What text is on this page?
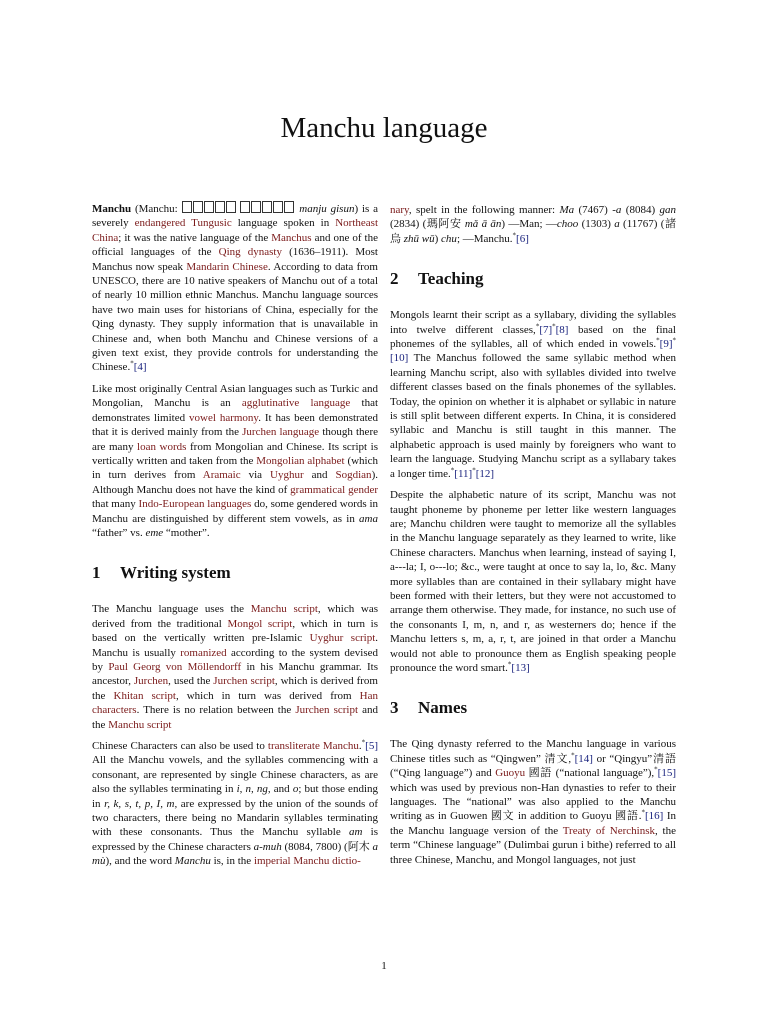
Manchu language

Manchu (Manchu:	manju gisun) is a severely endangered Tungusic language spoken in Northeast China; it was the native language of the Manchus and one of the official languages of the Qing dynasty (1636–1911). Most Manchus now speak Mandarin Chinese. According to data from UNESCO, there are 10 native speakers of Manchu out of a total of nearly 10 million ethnic Manchus. Manchu language sources have two main uses for historians of China, especially for the Qing dynasty. They supply information that is unavailable in Chinese and, when both Manchu and Chinese versions of a given text exist, they provide controls for understanding the Chinese.*[4]

Like most originally Central Asian languages such as Turkic and Mongolian, Manchu is an agglutinative language that demonstrates limited vowel harmony. It has been demonstrated that it is derived mainly from the Jurchen language though there are many loan words from Mongolian and Chinese. Its script is vertically written and taken from the Mongolian alphabet (which in turn derives from Aramaic via Uyghur and Sogdian). Although Manchu does not have the kind of grammatical gender that many Indo-European languages do, some gendered words in Manchu are distinguished by different stem vowels, as in ama “father” vs. eme “mother”.

1 Writing system

The Manchu language uses the Manchu script, which was derived from the traditional Mongol script, which in turn is based on the vertically written pre-Islamic Uyghur script. Manchu is usually romanized according to the system devised by Paul Georg von Möllendorff in his Manchu grammar. Its ancestor, Jurchen, used the Jurchen script, which is derived from the Khitan script, which in turn was derived from Han characters. There is no relation between the Jurchen script and the Manchu script

Chinese Characters can also be used to transliterate Manchu.*[5] All the Manchu vowels, and the syllables commencing with a consonant, are represented by single Chinese characters, as are also the syllables terminating in i, n, ng, and o; but those ending in r, k, s, t, p, I, m, are expressed by the union of the sounds of two characters, there being no Mandarin syllables terminating with these consonants. Thus the Manchu syllable am is expressed by the Chinese characters a-muh (8084, 7800) (阿木 a mù), and the word Manchu is, in the imperial Manchu dictio-

nary, spelt in the following manner: Ma (7467) -a (8084) gan (2834) (瑪阿安 mǎ ā ān) —Man; —choo (1303) a (11767) (諸烏 zhū wū) chu; —Manchu.*[6]

2 Teaching

Mongols learnt their script as a syllabary, dividing the syllables into twelve different classes,*[7]*[8] based on the final phonemes of the syllables, all of which ended in vowels.*[9]*[10] The Manchus followed the same syllabic method when learning Manchu script, also with syllables divided into twelve different classes based on the finals phonemes of the syllables. Today, the opinion on whether it is alphabet or syllabic in nature is still split between different experts. In China, it is considered syllabic and Manchu is still taught in this manner. The alphabetic approach is used mainly by foreigners who want to learn the language. Studying Manchu script as a syllabary takes a longer time.*[11]*[12]

Despite the alphabetic nature of its script, Manchu was not taught phoneme by phoneme per letter like western languages are; Manchu children were taught to memorize all the syllables in the Manchu language separately as they learned to write, like Chinese characters. Manchus when learning, instead of saying I, a---la; I, o---lo; &c., were taught at once to say la, lo, &c. Many more syllables than are contained in their syllabary might have been formed with their letters, but they were not accustomed to arrange them otherwise. They made, for instance, no such use of the consonants I, m, n, and r, as westerners do; hence if the Manchu letters s, m, a, r, t, are joined in that order a Manchu would not able to pronounce them as English speaking people pronounce the word smart.*[13]

3 Names

The Qing dynasty referred to the Manchu language in various Chinese titles such as “Qingwen” 清文,*[14] or “Qingyu”清語 (“Qing language”) and Guoyu 國語 (“national language”),*[15] which was used by previous non-Han dynasties to refer to their languages. The “national” was also applied to the Manchu writing as in Guowen 國文 in addition to Guoyu 國語.*[16] In the Manchu language version of the Treaty of Nerchinsk, the term “Chinese language” (Dulimbai gurun i bithe) referred to all three Chinese, Manchu, and Mongol languages, not just

1
